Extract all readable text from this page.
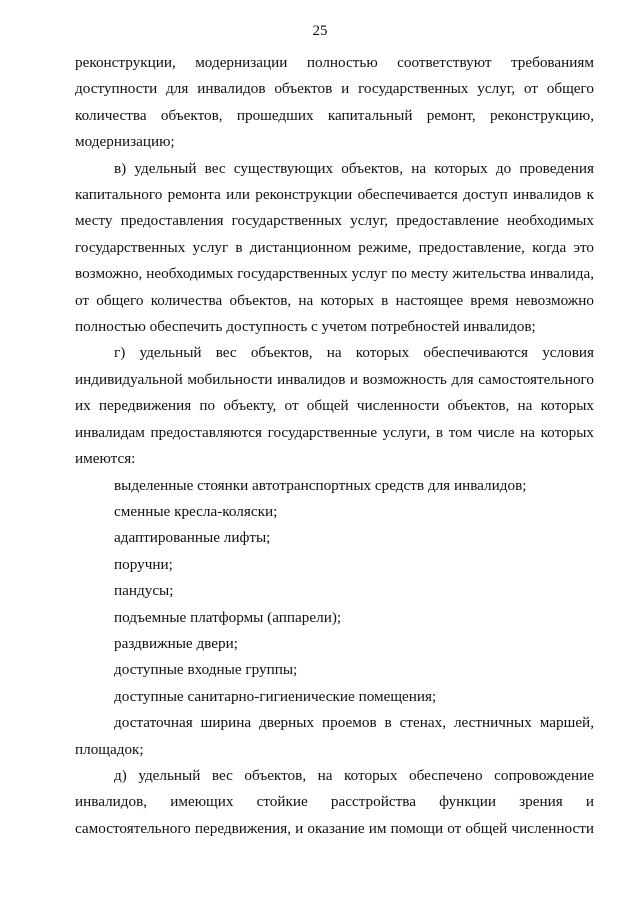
25

реконструкции, модернизации полностью соответствуют требованиям доступности для инвалидов объектов и государственных услуг, от общего количества объектов, прошедших капитальный ремонт, реконструкцию, модернизацию;

в) удельный вес существующих объектов, на которых до проведения капитального ремонта или реконструкции обеспечивается доступ инвалидов к месту предоставления государственных услуг, предоставление необходимых государственных услуг в дистанционном режиме, предоставление, когда это возможно, необходимых государственных услуг по месту жительства инвалида, от общего количества объектов, на которых в настоящее время невозможно полностью обеспечить доступность с учетом потребностей инвалидов;

г) удельный вес объектов, на которых обеспечиваются условия индивидуальной мобильности инвалидов и возможность для самостоятельного их передвижения по объекту, от общей численности объектов, на которых инвалидам предоставляются государственные услуги, в том числе на которых имеются:

выделенные стоянки автотранспортных средств для инвалидов;

сменные кресла-коляски;

адаптированные лифты;

поручни;

пандусы;

подъемные платформы (аппарели);

раздвижные двери;

доступные входные группы;

доступные санитарно-гигиенические помещения;

достаточная ширина дверных проемов в стенах, лестничных маршей, площадок;

д) удельный вес объектов, на которых обеспечено сопровождение инвалидов, имеющих стойкие расстройства функции зрения и самостоятельного передвижения, и оказание им помощи от общей численности
